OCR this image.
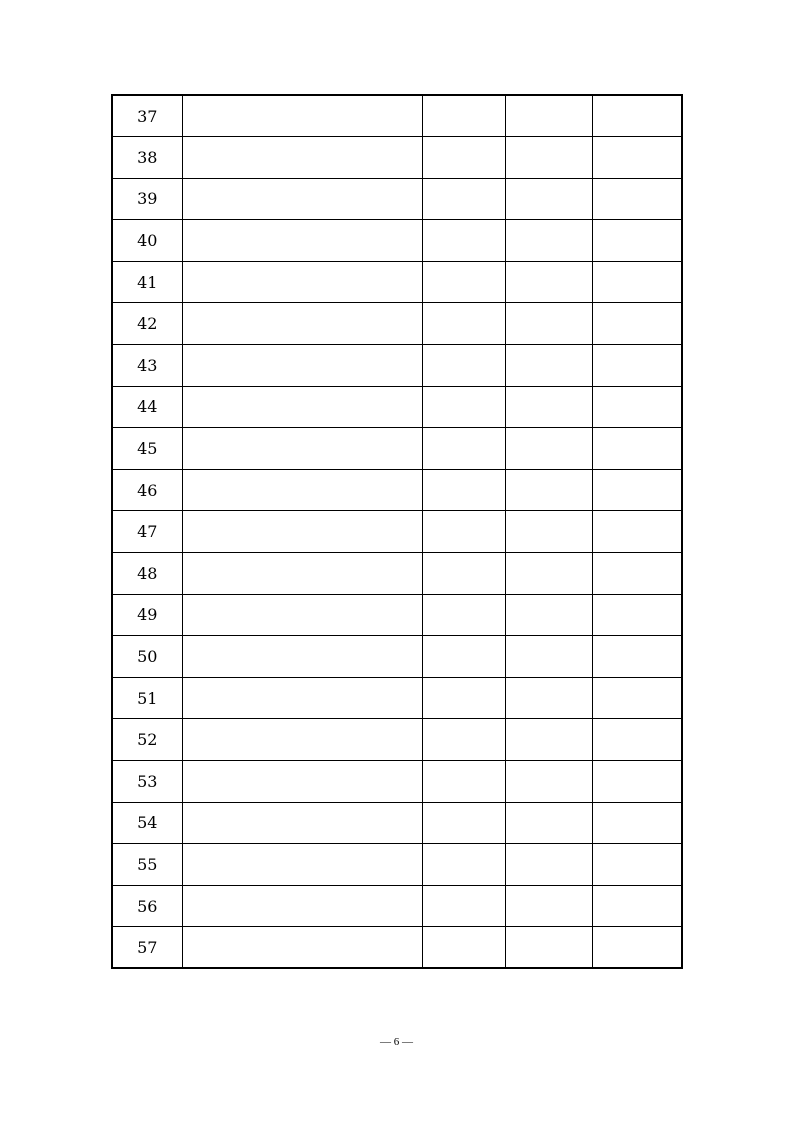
37				
38				
39				
40				
41				
42				
43				
44				
45				
46				
47				
48				
49				
50				
51				
52				
53				
54				
55				
56				
57				
— 6 —
